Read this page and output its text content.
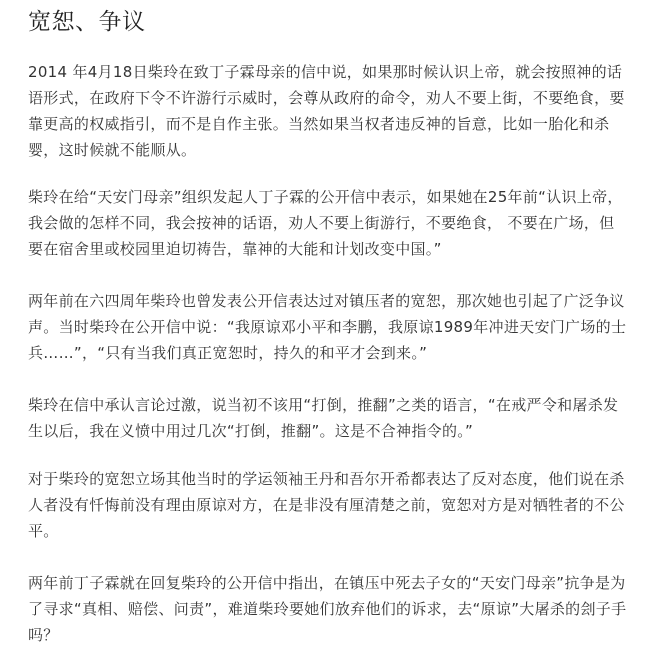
宽恕、争议

2014 年4月18日柴玲在致丁子霖母亲的信中说，如果那时候认识上帝，就会按照神的话语形式，在政府下令不许游行示威时，会尊从政府的命令，劝人不要上街，不要绝食，要靠更高的权威指引，而不是自作主张。当然如果当权者违反神的旨意，比如一胎化和杀婴，这时候就不能顺从。

柴玲在给“天安门母亲”组织发起人丁子霖的公开信中表示，如果她在25年前“认识上帝，我会做的怎样不同，我会按神的话语，劝人不要上街游行，不要绝食， 不要在广场，但要在宿舍里或校园里迫切祷告，靠神的大能和计划改变中国。”

两年前在六四周年柴玲也曾发表公开信表达过对镇压者的宽恕，那次她也引起了广泛争议声。当时柴玲在公开信中说：“我原谅邓小平和李鹏，我原谅1989年冲进天安门广场的士兵……”，“只有当我们真正宽恕时，持久的和平才会到来。”

柴玲在信中承认言论过激，说当初不该用“打倒，推翻”之类的语言，“在戒严令和屠杀发生以后，我在义愤中用过几次“打倒，推翻”。这是不合神指令的。”

对于柴玲的宽恕立场其他当时的学运领袖王丹和吾尔开希都表达了反对态度，他们说在杀人者没有忏悔前没有理由原谅对方，在是非没有厘清楚之前，宽恕对方是对牺牲者的不公平。

两年前丁子霖就在回复柴玲的公开信中指出，在镇压中死去子女的“天安门母亲”抗争是为了寻求“真相、赔偿、问责”，难道柴玲要她们放弃他们的诉求，去“原谅”大屠杀的刽子手吗？
